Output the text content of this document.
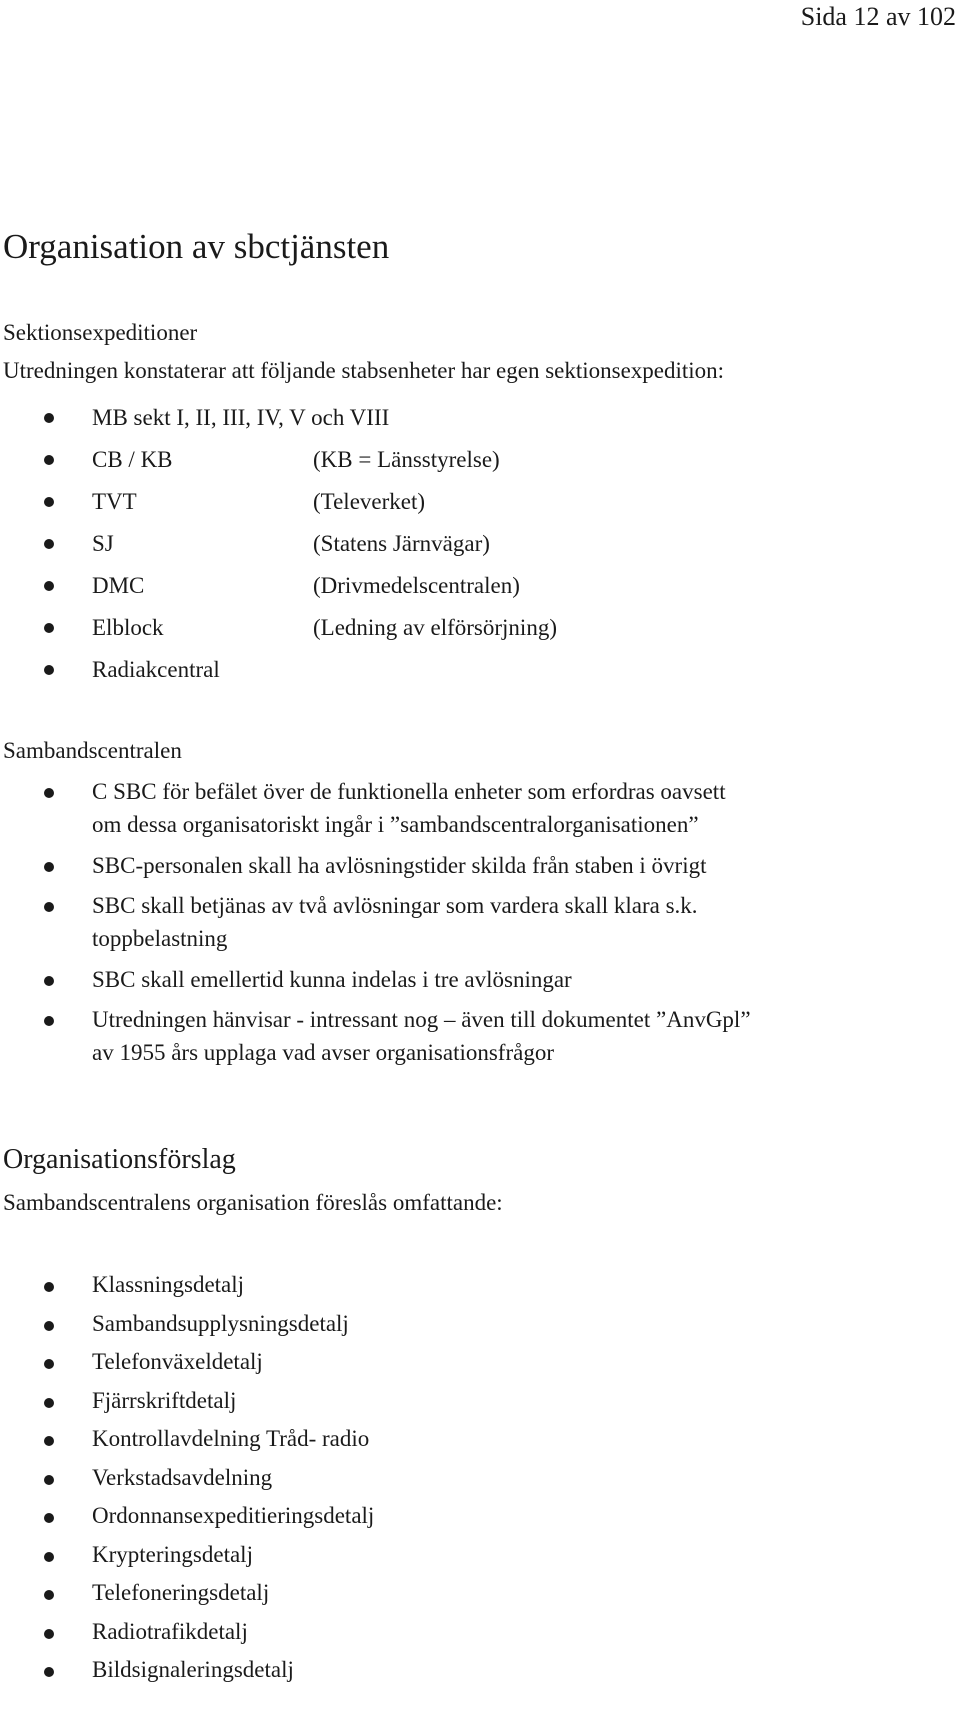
Sida 12 av 102
Organisation av sbctjänsten
Sektionsexpeditioner
Utredningen konstaterar att följande stabsenheter har egen sektionsexpedition:
MB sekt I, II, III, IV, V och VIII
CB / KB	(KB = Länsstyrelse)
TVT	(Televerket)
SJ	(Statens Järnvägar)
DMC	(Drivmedelscentralen)
Elblock	(Ledning av elförsörjning)
Radiakcentral
Sambandscentralen
C SBC för befälet över de funktionella enheter som erfordras oavsett
om dessa organisatoriskt ingår i ”sambandscentralorganisationen”
SBC-personalen skall ha avlösningstider skilda från staben i övrigt
SBC skall betjänas av två avlösningar som vardera skall klara s.k.
toppbelastning
SBC skall emellertid kunna indelas i tre avlösningar
Utredningen hänvisar - intressant nog – även till dokumentet ”AnvGpl”
av 1955 års upplaga vad avser organisationsfrågor
Organisationsförslag
Sambandscentralens organisation föreslås omfattande:
Klassningsdetalj
Sambandsupplysningsdetalj
Telefonväxeldetalj
Fjärrskriftdetalj
Kontrollavdelning Tråd- radio
Verkstadsavdelning
Ordonnansexpeditieringsdetalj
Krypteringsdetalj
Telefoneringsdetalj
Radiotrafikdetalj
Bildsignaleringsdetalj
